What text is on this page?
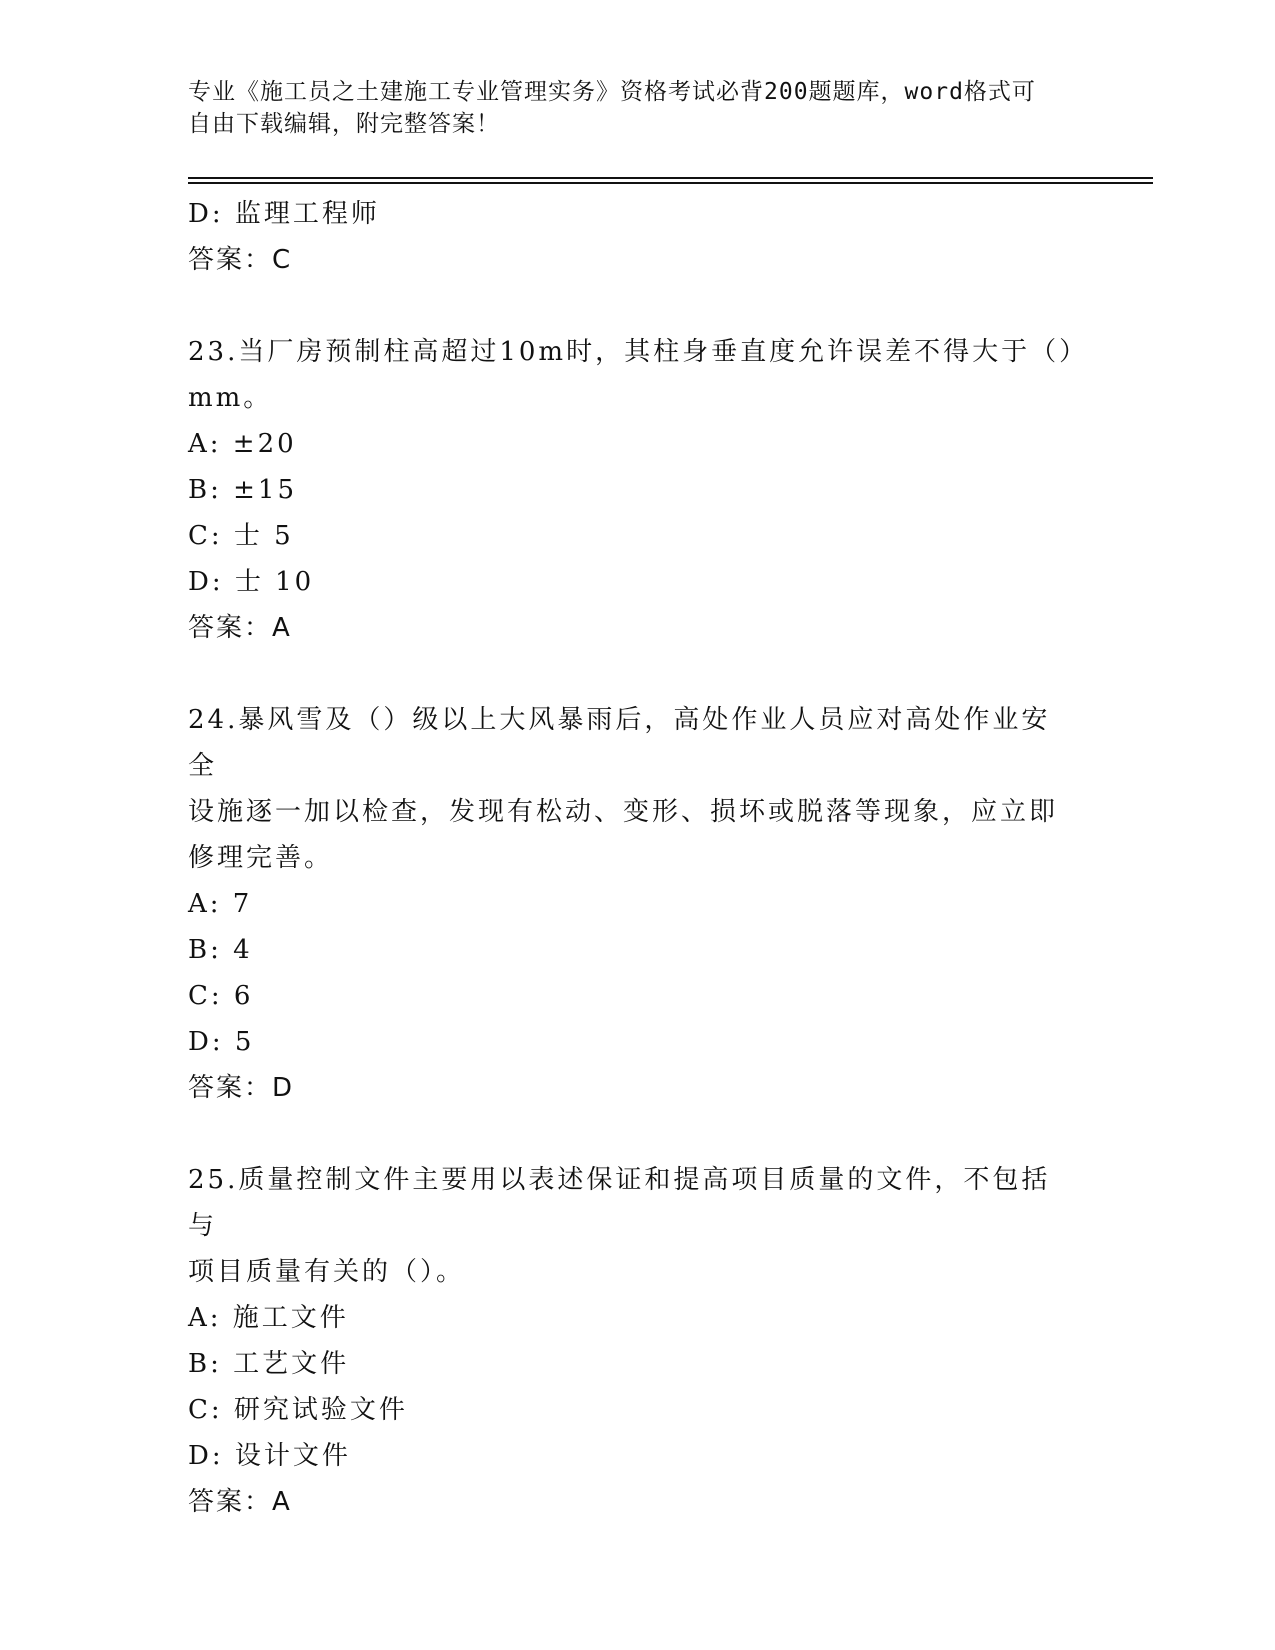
专业《施工员之土建施工专业管理实务》资格考试必背200题题库，word格式可
自由下载编辑，附完整答案！
D: 监理工程师
答案：C
23.当厂房预制柱高超过10m时，其柱身垂直度允许误差不得大于（）
mm。
A: ±20
B: ±15
C: 士 5
D: 士 10
答案：A
24.暴风雪及（）级以上大风暴雨后，高处作业人员应对高处作业安全
设施逐一加以检查，发现有松动、变形、损坏或脱落等现象，应立即
修理完善。
A: 7
B: 4
C: 6
D: 5
答案：D
25.质量控制文件主要用以表述保证和提高项目质量的文件，不包括与
项目质量有关的（）。
A: 施工文件
B: 工艺文件
C: 研究试验文件
D: 设计文件
答案：A
